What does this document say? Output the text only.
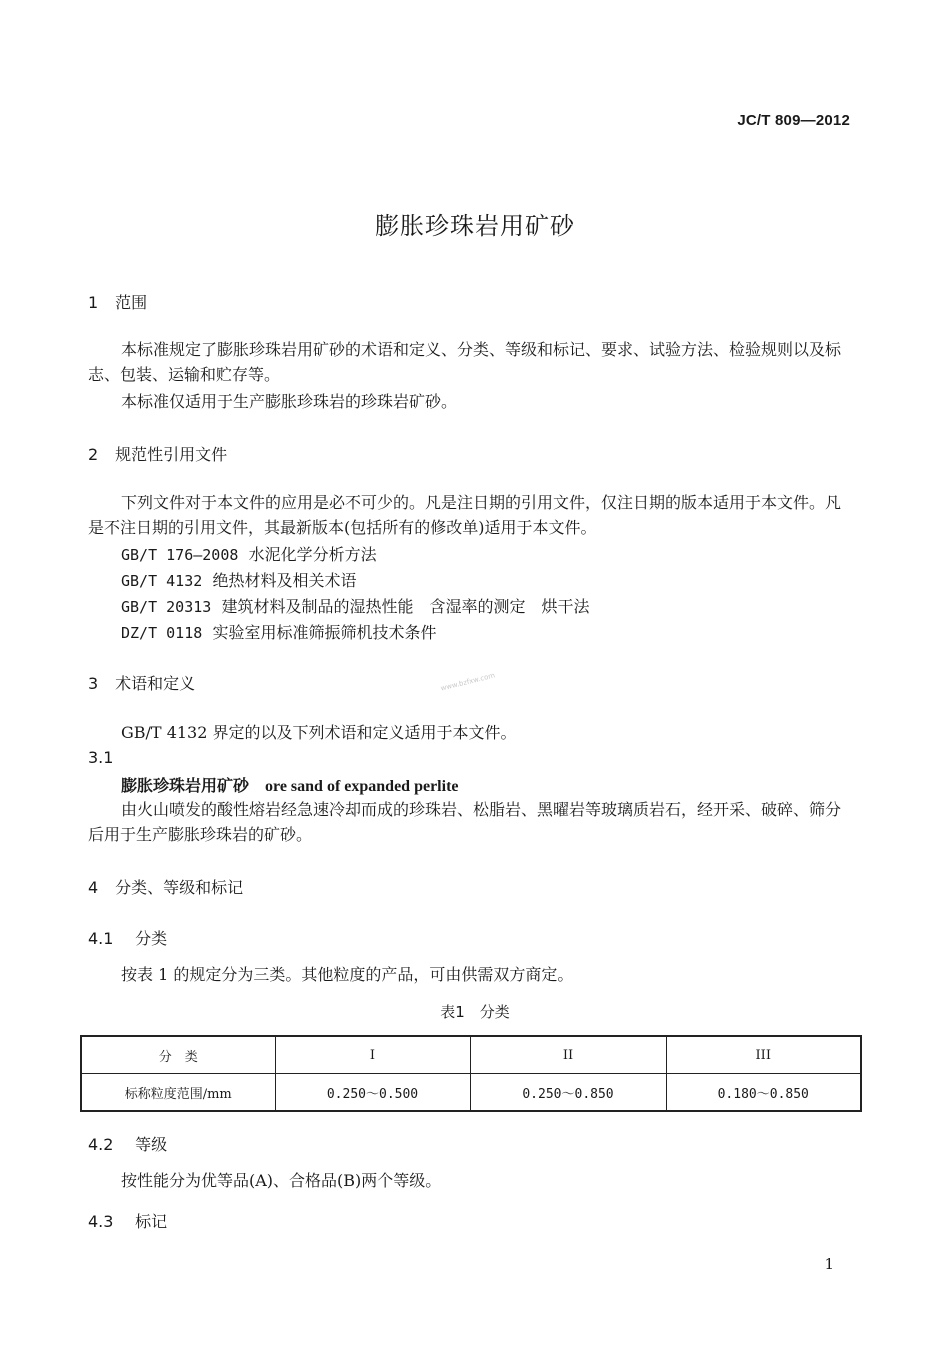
JC/T 809—2012
膨胀珍珠岩用矿砂
1 范围
本标准规定了膨胀珍珠岩用矿砂的术语和定义、分类、等级和标记、要求、试验方法、检验规则以及标志、包装、运输和贮存等。
本标准仅适用于生产膨胀珍珠岩的珍珠岩矿砂。
2 规范性引用文件
下列文件对于本文件的应用是必不可少的。凡是注日期的引用文件，仅注日期的版本适用于本文件。凡是不注日期的引用文件，其最新版本(包括所有的修改单)适用于本文件。
GB/T 176—2008 水泥化学分析方法
GB/T 4132 绝热材料及相关术语
GB/T 20313 建筑材料及制品的湿热性能　含湿率的测定　烘干法
DZ/T 0118 实验室用标准筛振筛机技术条件
3 术语和定义	www.bzfxw.com
GB/T 4132 界定的以及下列术语和定义适用于本文件。
3.1
膨胀珍珠岩用矿砂 ore sand of expanded perlite
由火山喷发的酸性熔岩经急速冷却而成的珍珠岩、松脂岩、黑曜岩等玻璃质岩石，经开采、破碎、筛分后用于生产膨胀珍珠岩的矿砂。
4 分类、等级和标记
4.1 分类
按表 1 的规定分为三类。其他粒度的产品，可由供需双方商定。
表1　分类
分　类	I	II	III
标称粒度范围/mm	0.250～0.500	0.250～0.850	0.180～0.850
4.2 等级
按性能分为优等品(A)、合格品(B)两个等级。
4.3 标记
1
